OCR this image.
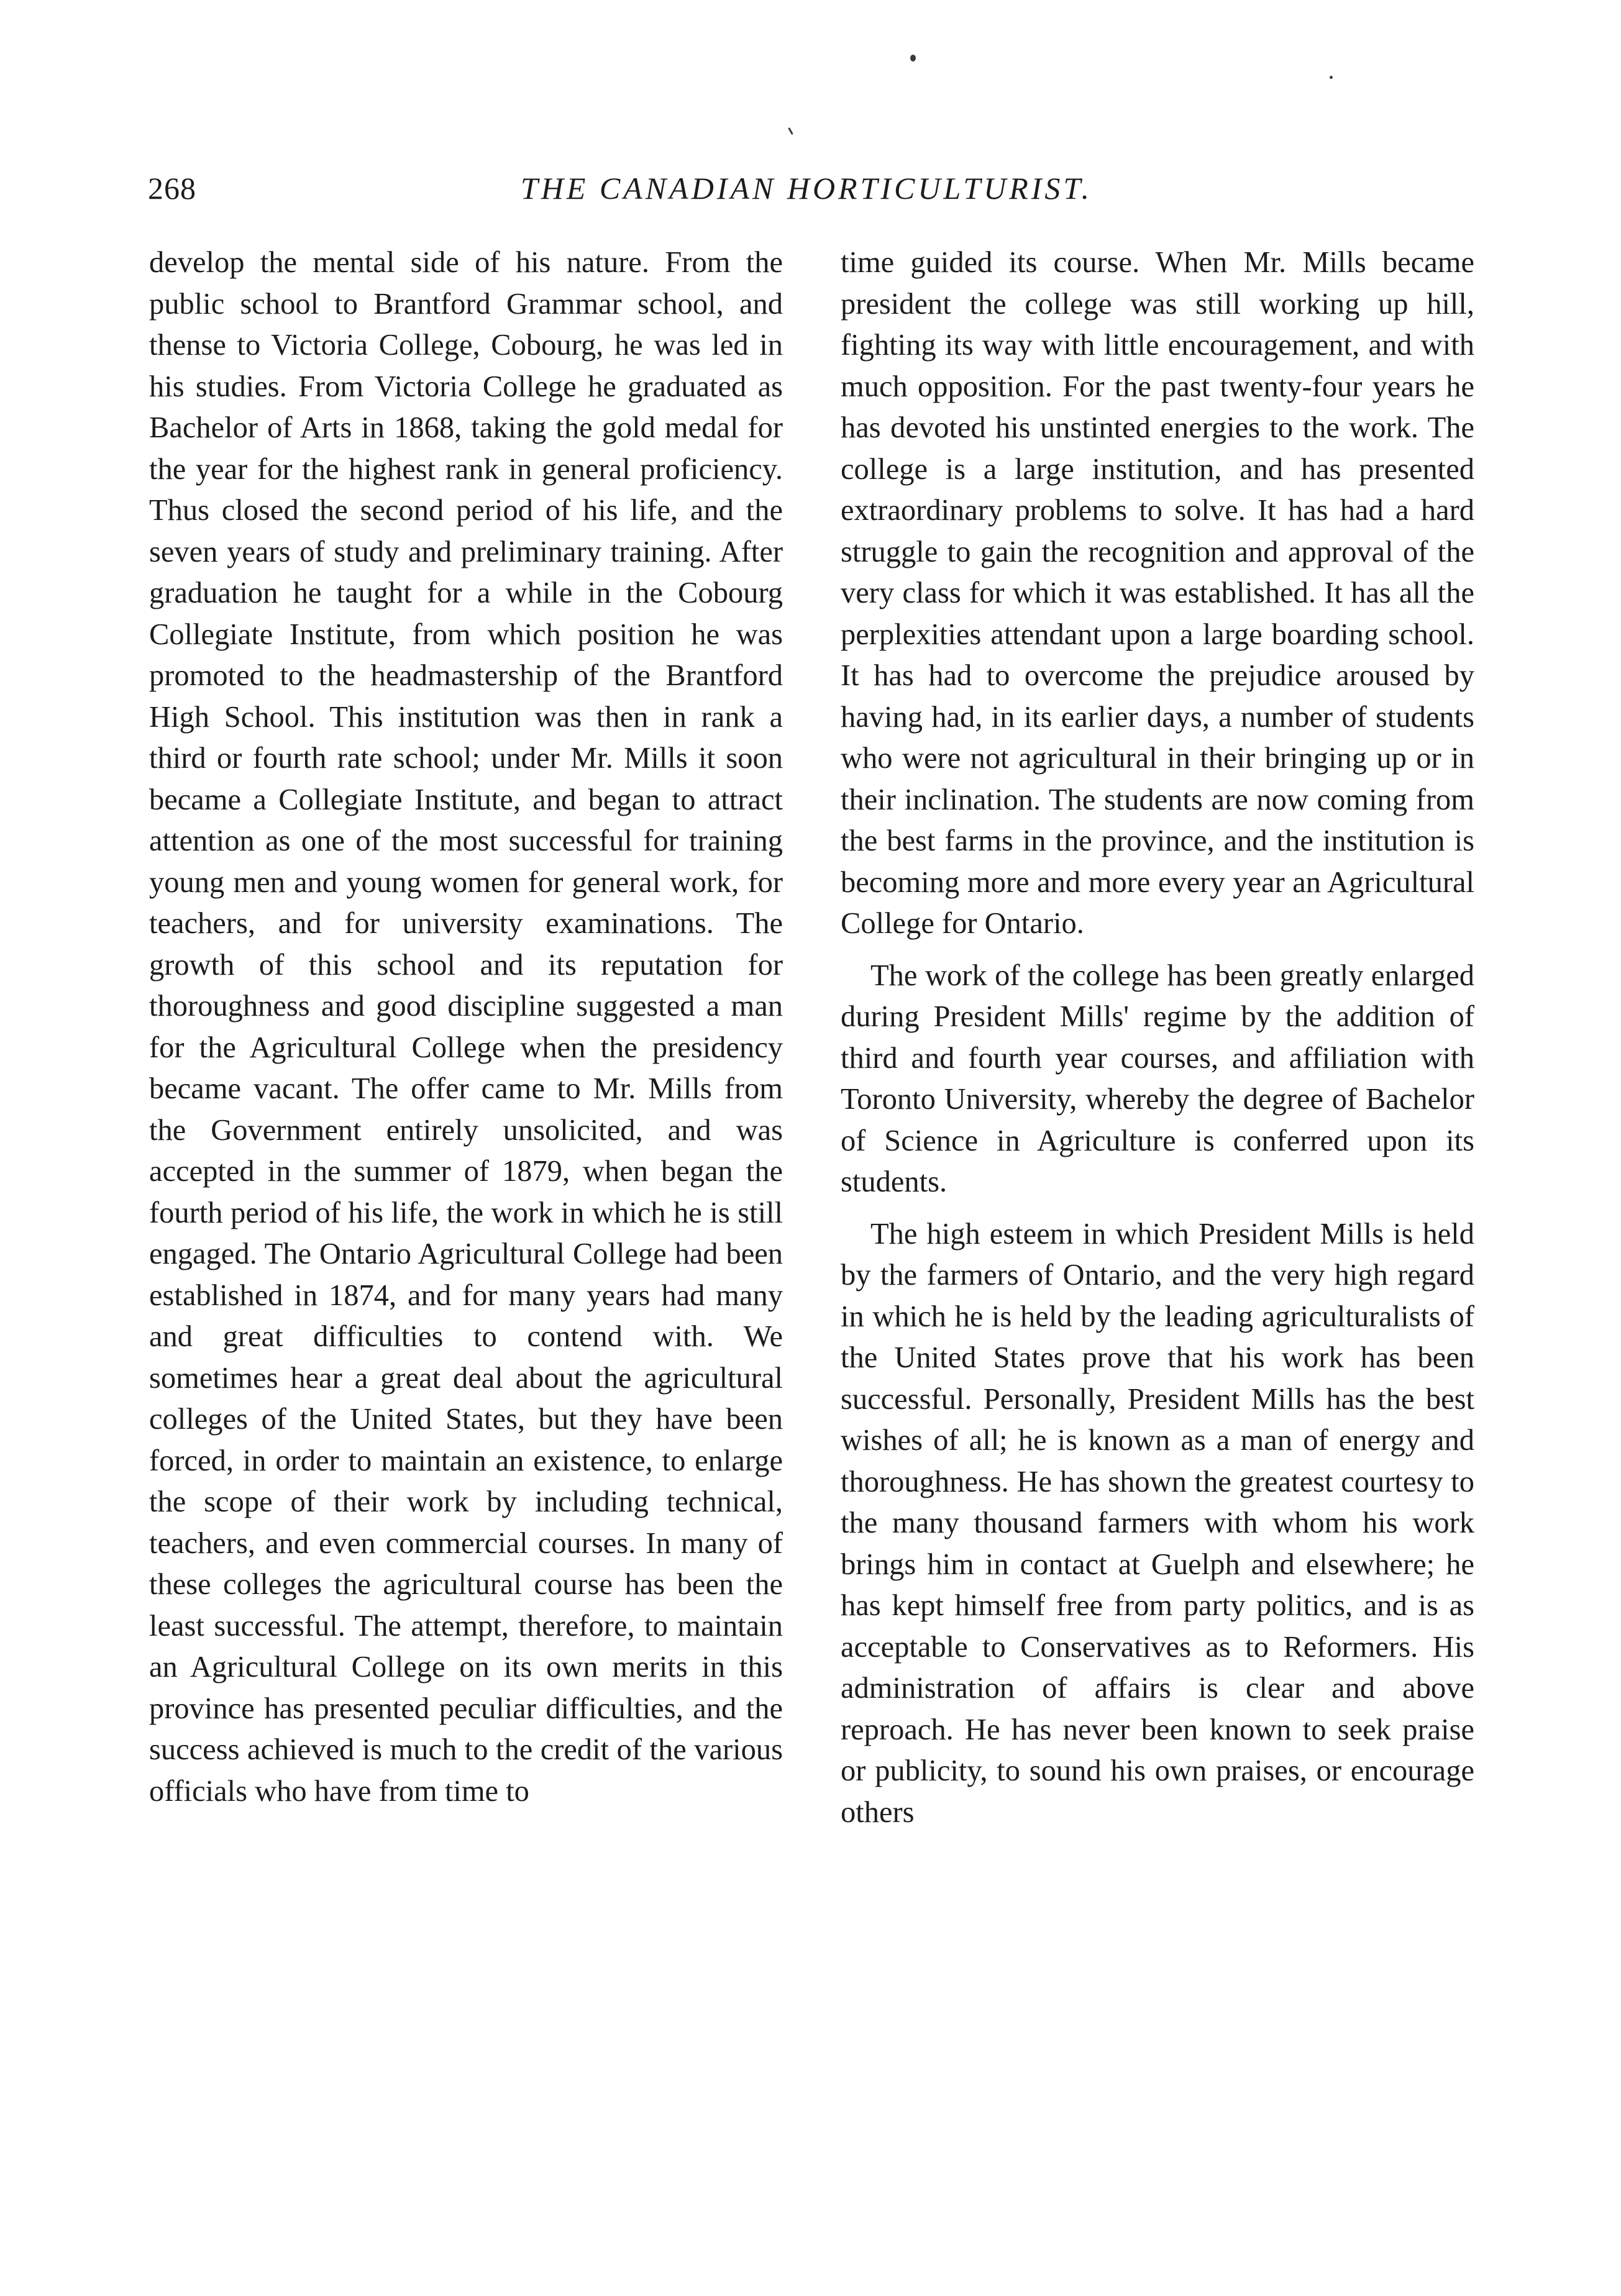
268	THE CANADIAN HORTICULTURIST.

develop the mental side of his nature. From the public school to Brantford Grammar school, and thense to Victoria College, Cobourg, he was led in his studies. From Victoria College he graduated as Bachelor of Arts in 1868, taking the gold medal for the year for the highest rank in general proficiency. Thus closed the second period of his life, and the seven years of study and preliminary training. After graduation he taught for a while in the Cobourg Collegiate Institute, from which position he was promoted to the headmastership of the Brantford High School. This institution was then in rank a third or fourth rate school; under Mr. Mills it soon became a Collegiate Institute, and began to attract attention as one of the most successful for training young men and young women for general work, for teachers, and for university examinations. The growth of this school and its reputation for thoroughness and good discipline suggested a man for the Agricultural College when the presidency became vacant. The offer came to Mr. Mills from the Government entirely unsolicited, and was accepted in the summer of 1879, when began the fourth period of his life, the work in which he is still engaged. The Ontario Agricultural College had been established in 1874, and for many years had many and great difficulties to contend with. We sometimes hear a great deal about the agricultural colleges of the United States, but they have been forced, in order to maintain an existence, to enlarge the scope of their work by including technical, teachers, and even commercial courses. In many of these colleges the agricultural course has been the least successful. The attempt, therefore, to maintain an Agricultural College on its own merits in this province has presented peculiar difficulties, and the success achieved is much to the credit of the various officials who have from time to

time guided its course. When Mr. Mills became president the college was still working up hill, fighting its way with little encouragement, and with much opposition. For the past twenty-four years he has devoted his unstinted energies to the work. The college is a large institution, and has presented extraordinary problems to solve. It has had a hard struggle to gain the recognition and approval of the very class for which it was established. It has all the perplexities attendant upon a large boarding school. It has had to overcome the prejudice aroused by having had, in its earlier days, a number of students who were not agricultural in their bringing up or in their inclination. The students are now coming from the best farms in the province, and the institution is becoming more and more every year an Agricultural College for Ontario.

The work of the college has been greatly enlarged during President Mills' regime by the addition of third and fourth year courses, and affiliation with Toronto University, whereby the degree of Bachelor of Science in Agriculture is conferred upon its students.

The high esteem in which President Mills is held by the farmers of Ontario, and the very high regard in which he is held by the leading agriculturalists of the United States prove that his work has been successful. Personally, President Mills has the best wishes of all; he is known as a man of energy and thoroughness. He has shown the greatest courtesy to the many thousand farmers with whom his work brings him in contact at Guelph and elsewhere; he has kept himself free from party politics, and is as acceptable to Conservatives as to Reformers. His administration of affairs is clear and above reproach. He has never been known to seek praise or publicity, to sound his own praises, or encourage others
